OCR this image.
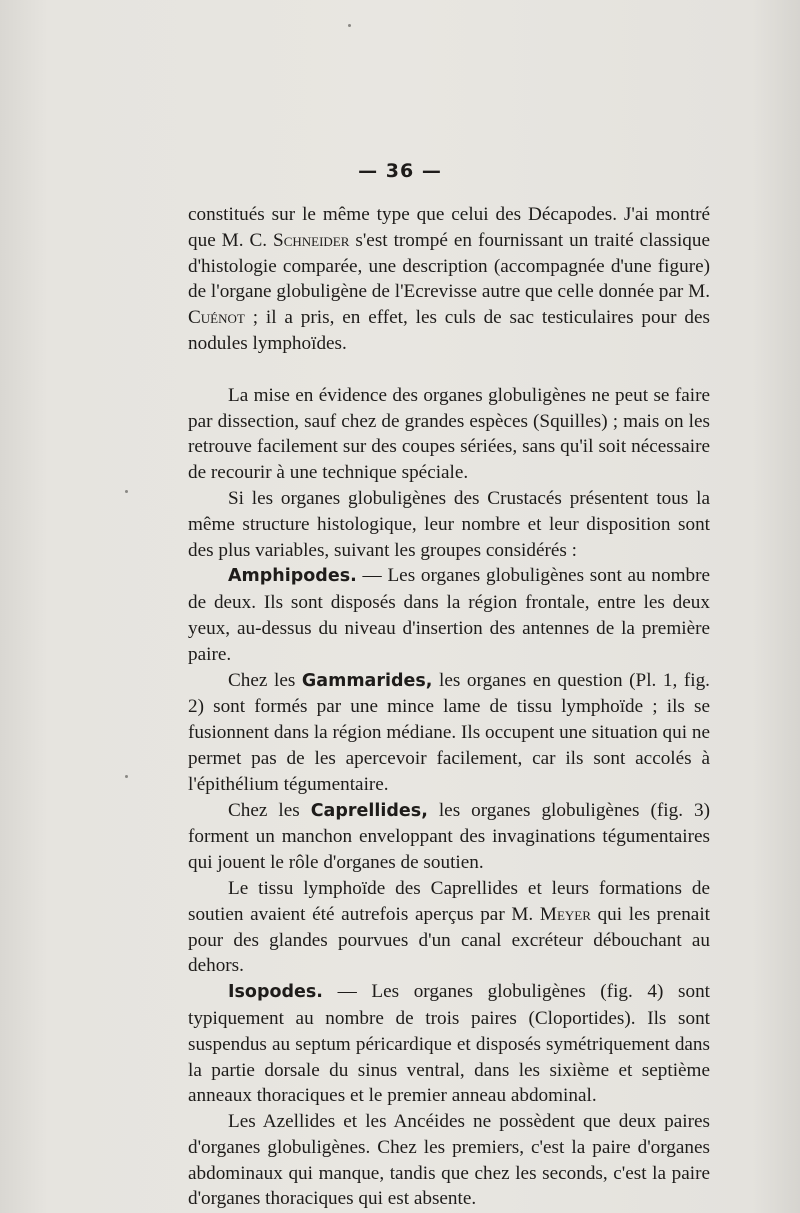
— 36 —

constitués sur le même type que celui des Décapodes. J'ai montré que M. C. Schneider s'est trompé en fournissant un traité classique d'histologie comparée, une description (accompagnée d'une figure) de l'organe globuligène de l'Ecrevisse autre que celle donnée par M. Cuénot ; il a pris, en effet, les culs de sac testiculaires pour des nodules lymphoïdes.

La mise en évidence des organes globuligènes ne peut se faire par dissection, sauf chez de grandes espèces (Squilles) ; mais on les retrouve facilement sur des coupes sériées, sans qu'il soit nécessaire de recourir à une technique spéciale.

Si les organes globuligènes des Crustacés présentent tous la même structure histologique, leur nombre et leur disposition sont des plus variables, suivant les groupes considérés :

Amphipodes. — Les organes globuligènes sont au nombre de deux. Ils sont disposés dans la région frontale, entre les deux yeux, au-dessus du niveau d'insertion des antennes de la première paire.

Chez les Gammarides, les organes en question (Pl. 1, fig. 2) sont formés par une mince lame de tissu lymphoïde ; ils se fusionnent dans la région médiane. Ils occupent une situation qui ne permet pas de les apercevoir facilement, car ils sont accolés à l'épithélium tégumentaire.

Chez les Caprellides, les organes globuligènes (fig. 3) forment un manchon enveloppant des invaginations tégumentaires qui jouent le rôle d'organes de soutien.

Le tissu lymphoïde des Caprellides et leurs formations de soutien avaient été autrefois aperçus par M. Meyer qui les prenait pour des glandes pourvues d'un canal excréteur débouchant au dehors.

Isopodes. — Les organes globuligènes (fig. 4) sont typiquement au nombre de trois paires (Cloportides). Ils sont suspendus au septum péricardique et disposés symétriquement dans la partie dorsale du sinus ventral, dans les sixième et septième anneaux thoraciques et le premier anneau abdominal.

Les Azellides et les Ancéides ne possèdent que deux paires d'organes globuligènes. Chez les premiers, c'est la paire d'organes abdominaux qui manque, tandis que chez les seconds, c'est la paire d'organes thoraciques qui est absente.
